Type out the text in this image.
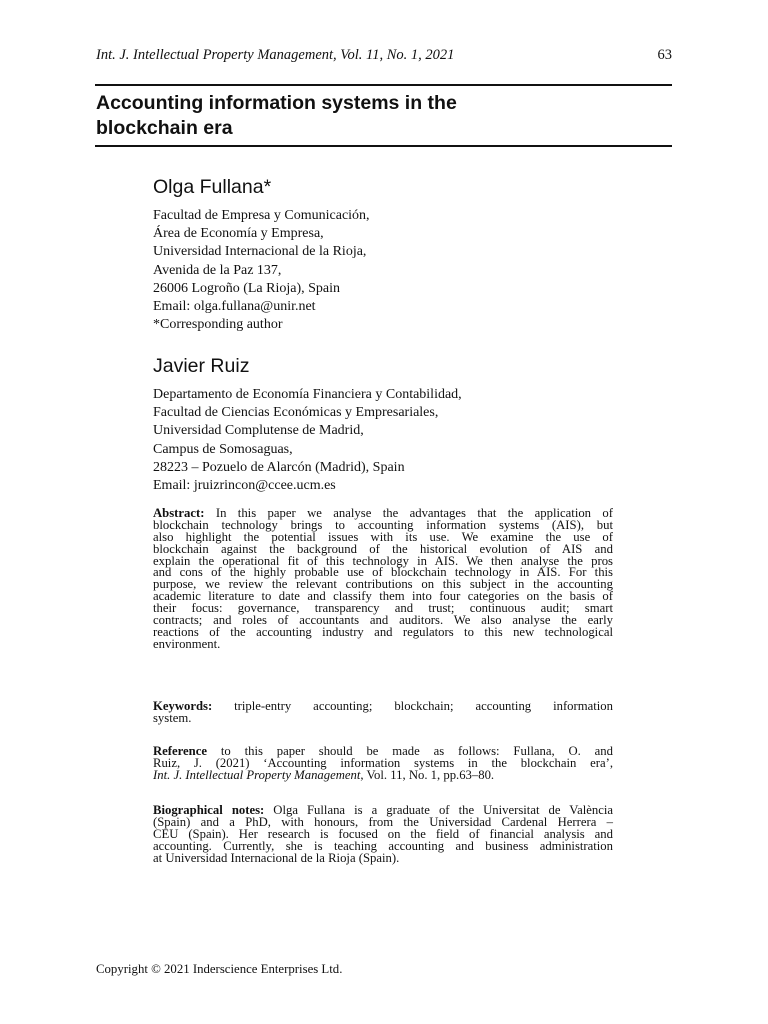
Int. J. Intellectual Property Management, Vol. 11, No. 1, 2021	63
Accounting information systems in the
blockchain era
Olga Fullana*
Facultad de Empresa y Comunicación,
Área de Economía y Empresa,
Universidad Internacional de la Rioja,
Avenida de la Paz 137,
26006 Logroño (La Rioja), Spain
Email: olga.fullana@unir.net
*Corresponding author
Javier Ruiz
Departamento de Economía Financiera y Contabilidad,
Facultad de Ciencias Económicas y Empresariales,
Universidad Complutense de Madrid,
Campus de Somosaguas,
28223 – Pozuelo de Alarcón (Madrid), Spain
Email: jruizrincon@ccee.ucm.es
Abstract: In this paper we analyse the advantages that the application of
blockchain technology brings to accounting information systems (AIS), but
also highlight the potential issues with its use. We examine the use of
blockchain against the background of the historical evolution of AIS and
explain the operational fit of this technology in AIS. We then analyse the pros
and cons of the highly probable use of blockchain technology in AIS. For this
purpose, we review the relevant contributions on this subject in the accounting
academic literature to date and classify them into four categories on the basis of
their focus: governance, transparency and trust; continuous audit; smart
contracts; and roles of accountants and auditors. We also analyse the early
reactions of the accounting industry and regulators to this new technological
environment.
Keywords: triple-entry accounting; blockchain; accounting information
system.
Reference to this paper should be made as follows: Fullana, O. and
Ruiz, J. (2021) ‘Accounting information systems in the blockchain era’,
Int. J. Intellectual Property Management, Vol. 11, No. 1, pp.63–80.
Biographical notes: Olga Fullana is a graduate of the Universitat de València
(Spain) and a PhD, with honours, from the Universidad Cardenal Herrera –
CEU (Spain). Her research is focused on the field of financial analysis and
accounting. Currently, she is teaching accounting and business administration
at Universidad Internacional de la Rioja (Spain).
Copyright © 2021 Inderscience Enterprises Ltd.
